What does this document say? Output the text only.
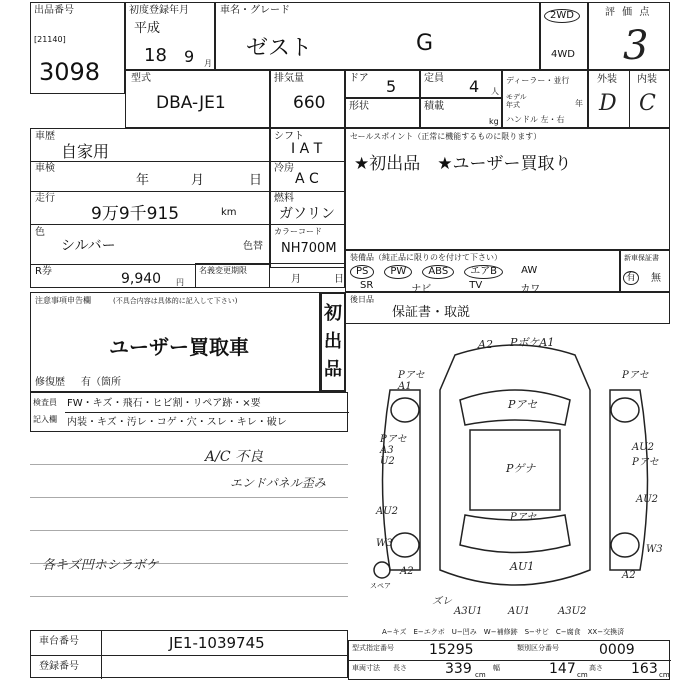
出品番号
[21140]
3098
初度登録年月
平成
18 9 月
車名・グレード
ゼスト	G
2WD
4WD
評 価 点
3
型式
DBA-JE1
排気量
660
ドア 5	定員 4 人
形状	積載
kg
ディーラー・並行
モデル
年式	年
ハンドル 左・右
外装 内装
D C
車歴
自家用
車検
年	月	日
走行
9万9千915	km
色
シルバー	色替
R券	9,940 円
シフト
I A T
冷房
A C
燃料
ガソリン
カラーコード
NH700M
名義変更期限
月	日
セールスポイント（正常に機能するものに限ります）
★初出品　★ユーザー買取り
装備品（純正品に限りのを付けて下さい）
PS	PW	ABS	エアB	AW
SR	ナビ	TV	カワ
新車保証書
有	無
後日品
保証書・取説
注意事項申告欄	(不具合内容は具体的に記入して下さい)
ユーザー買取車
修復歴 有（箇所
初出品
検査員
記入欄
FW・キズ・飛石・ヒビ割・リペア跡・×要
内装・キズ・汚レ・コゲ・穴・スレ・キレ・破レ
A/C 不良
エンドパネル歪み
各キズ凹ホシラボケ
A2 PボケA1
PアセA1
Pアセ
Pアセ
Pアセ A3 U2
Pゲナ
AU2 Pアセ
AU2
AU2
Pアセ
W3
W3
A2	AU1
A2
ズレ
スペア
A3U1	AU1	A3U2
A−キズ　E−エクボ　U−凹み　W−補修跡　S−サビ　C−腐食　XX−交換済
車台番号	JE1-1039745
登録番号
型式指定番号	15295	類別区分番号	0009
車両寸法 長さ	339 cm
幅	147 cm
高さ 163 cm
